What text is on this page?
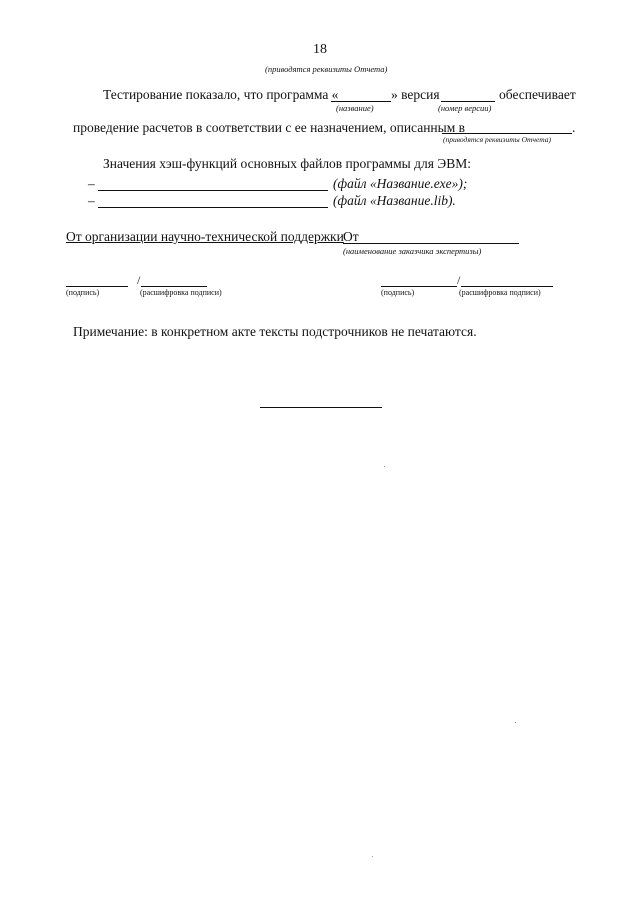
18
(приводятся реквизиты Отчета)
Тестирование показало, что программа «	» версия	обеспечивает
(название)	(номер версии)
проведение расчетов в соответствии с ее назначением, описанным в	.
(приводятся реквизиты Отчета)
Значения хэш-функций основных файлов программы для ЭВМ:
–	(файл «Название.exe»);
–	(файл «Название.lib).
От организации научно-технической поддержки От
(наименование заказчика экспертизы)
/
(подпись)	(расшифровка подписи)
/
(подпись)	(расшифровка подписи)
Примечание: в конкретном акте тексты подстрочников не печатаются.
